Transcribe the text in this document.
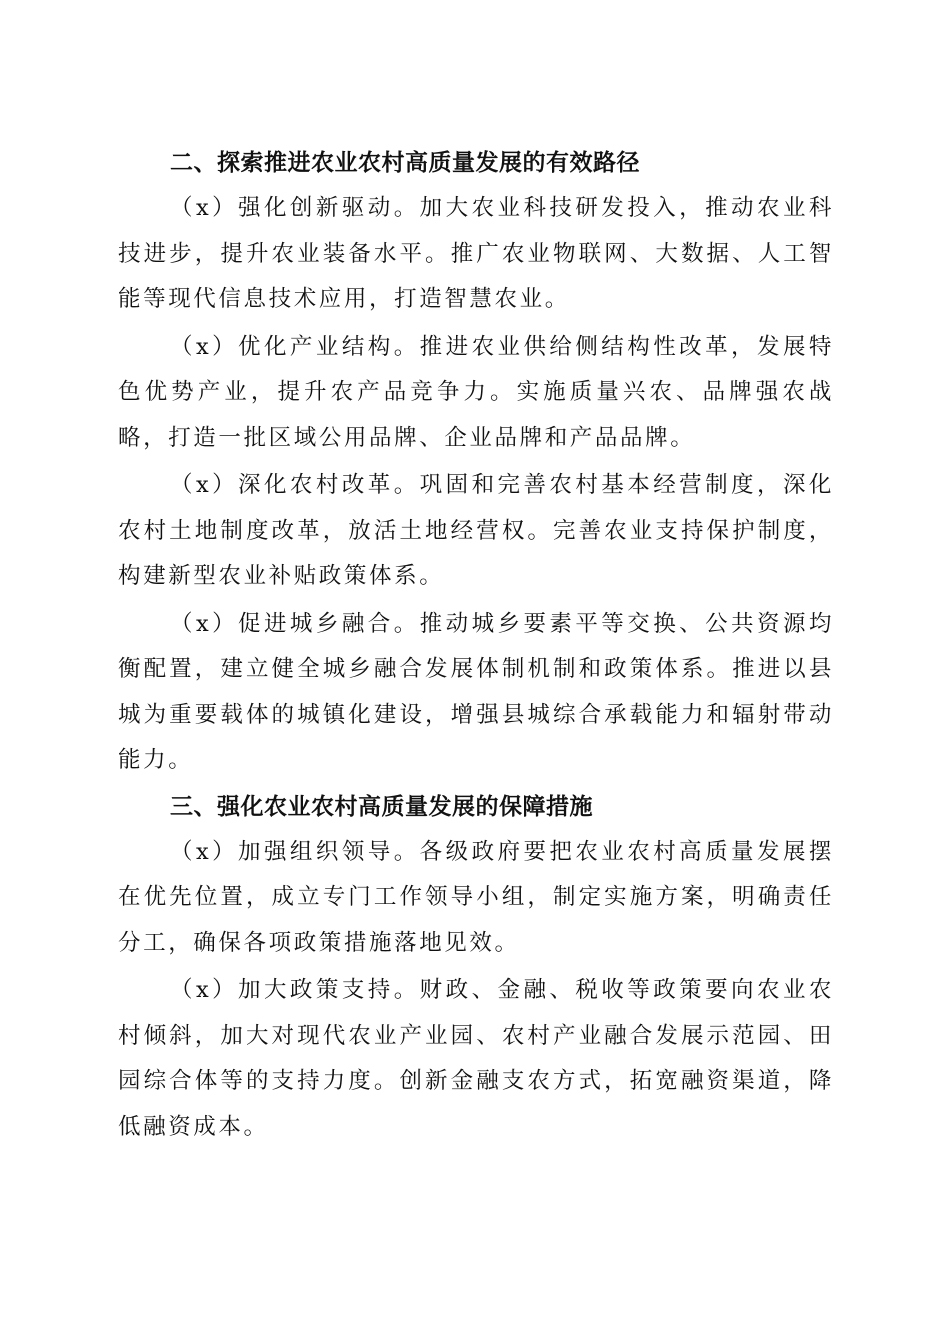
二、探索推进农业农村高质量发展的有效路径

（x）强化创新驱动。加大农业科技研发投入，推动农业科技进步，提升农业装备水平。推广农业物联网、大数据、人工智能等现代信息技术应用，打造智慧农业。

（x）优化产业结构。推进农业供给侧结构性改革，发展特色优势产业，提升农产品竞争力。实施质量兴农、品牌强农战略，打造一批区域公用品牌、企业品牌和产品品牌。

（x）深化农村改革。巩固和完善农村基本经营制度，深化农村土地制度改革，放活土地经营权。完善农业支持保护制度，构建新型农业补贴政策体系。

（x）促进城乡融合。推动城乡要素平等交换、公共资源均衡配置，建立健全城乡融合发展体制机制和政策体系。推进以县城为重要载体的城镇化建设，增强县城综合承载能力和辐射带动能力。

三、强化农业农村高质量发展的保障措施

（x）加强组织领导。各级政府要把农业农村高质量发展摆在优先位置，成立专门工作领导小组，制定实施方案，明确责任分工，确保各项政策措施落地见效。

（x）加大政策支持。财政、金融、税收等政策要向农业农村倾斜，加大对现代农业产业园、农村产业融合发展示范园、田园综合体等的支持力度。创新金融支农方式，拓宽融资渠道，降低融资成本。
